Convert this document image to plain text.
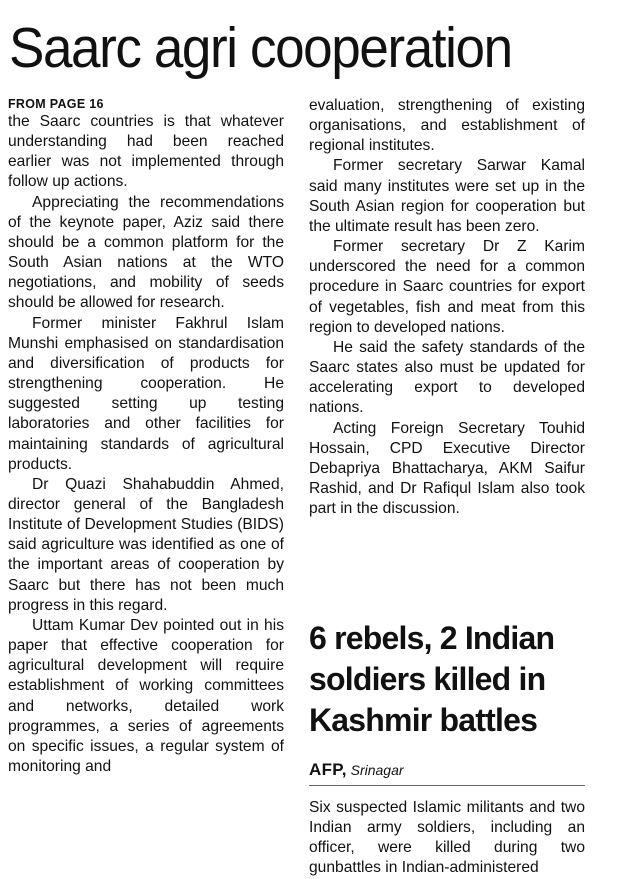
Saarc agri cooperation
FROM PAGE 16

the Saarc countries is that whatever understanding had been reached earlier was not implemented through follow up actions.

Appreciating the recommendations of the keynote paper, Aziz said there should be a common platform for the South Asian nations at the WTO negotiations, and mobility of seeds should be allowed for research.

Former minister Fakhrul Islam Munshi emphasised on standardisation and diversification of products for strengthening cooperation. He suggested setting up testing laboratories and other facilities for maintaining standards of agricultural products.

Dr Quazi Shahabuddin Ahmed, director general of the Bangladesh Institute of Development Studies (BIDS) said agriculture was identified as one of the important areas of cooperation by Saarc but there has not been much progress in this regard.

Uttam Kumar Dev pointed out in his paper that effective cooperation for agricultural development will require establishment of working committees and networks, detailed work programmes, a series of agreements on specific issues, a regular system of monitoring and

evaluation, strengthening of existing organisations, and establishment of regional institutes.

Former secretary Sarwar Kamal said many institutes were set up in the South Asian region for cooperation but the ultimate result has been zero.

Former secretary Dr Z Karim underscored the need for a common procedure in Saarc countries for export of vegetables, fish and meat from this region to developed nations.

He said the safety standards of the Saarc states also must be updated for accelerating export to developed nations.

Acting Foreign Secretary Touhid Hossain, CPD Executive Director Debapriya Bhattacharya, AKM Saifur Rashid, and Dr Rafiqul Islam also took part in the discussion.

6 rebels, 2 Indian soldiers killed in Kashmir battles
AFP, Srinagar

Six suspected Islamic militants and two Indian army soldiers, including an officer, were killed during two gunbattles in Indian-administered
